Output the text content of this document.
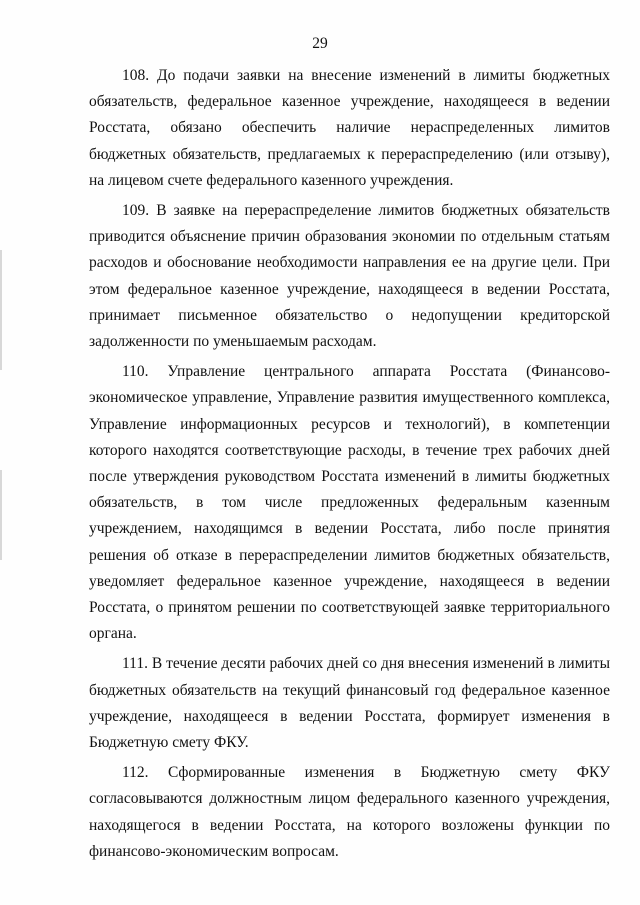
29

108. До подачи заявки на внесение изменений в лимиты бюджетных обязательств, федеральное казенное учреждение, находящееся в ведении Росстата, обязано обеспечить наличие нераспределенных лимитов бюджетных обязательств, предлагаемых к перераспределению (или отзыву), на лицевом счете федерального казенного учреждения.

109. В заявке на перераспределение лимитов бюджетных обязательств приводится объяснение причин образования экономии по отдельным статьям расходов и обоснование необходимости направления ее на другие цели. При этом федеральное казенное учреждение, находящееся в ведении Росстата, принимает письменное обязательство о недопущении кредиторской задолженности по уменьшаемым расходам.

110. Управление центрального аппарата Росстата (Финансово-экономическое управление, Управление развития имущественного комплекса, Управление информационных ресурсов и технологий), в компетенции которого находятся соответствующие расходы, в течение трех рабочих дней после утверждения руководством Росстата изменений в лимиты бюджетных обязательств, в том числе предложенных федеральным казенным учреждением, находящимся в ведении Росстата, либо после принятия решения об отказе в перераспределении лимитов бюджетных обязательств, уведомляет федеральное казенное учреждение, находящееся в ведении Росстата, о принятом решении по соответствующей заявке территориального органа.

111. В течение десяти рабочих дней со дня внесения изменений в лимиты бюджетных обязательств на текущий финансовый год федеральное казенное учреждение, находящееся в ведении Росстата, формирует изменения в Бюджетную смету ФКУ.

112. Сформированные изменения в Бюджетную смету ФКУ согласовываются должностным лицом федерального казенного учреждения, находящегося в ведении Росстата, на которого возложены функции по финансово-экономическим вопросам.
